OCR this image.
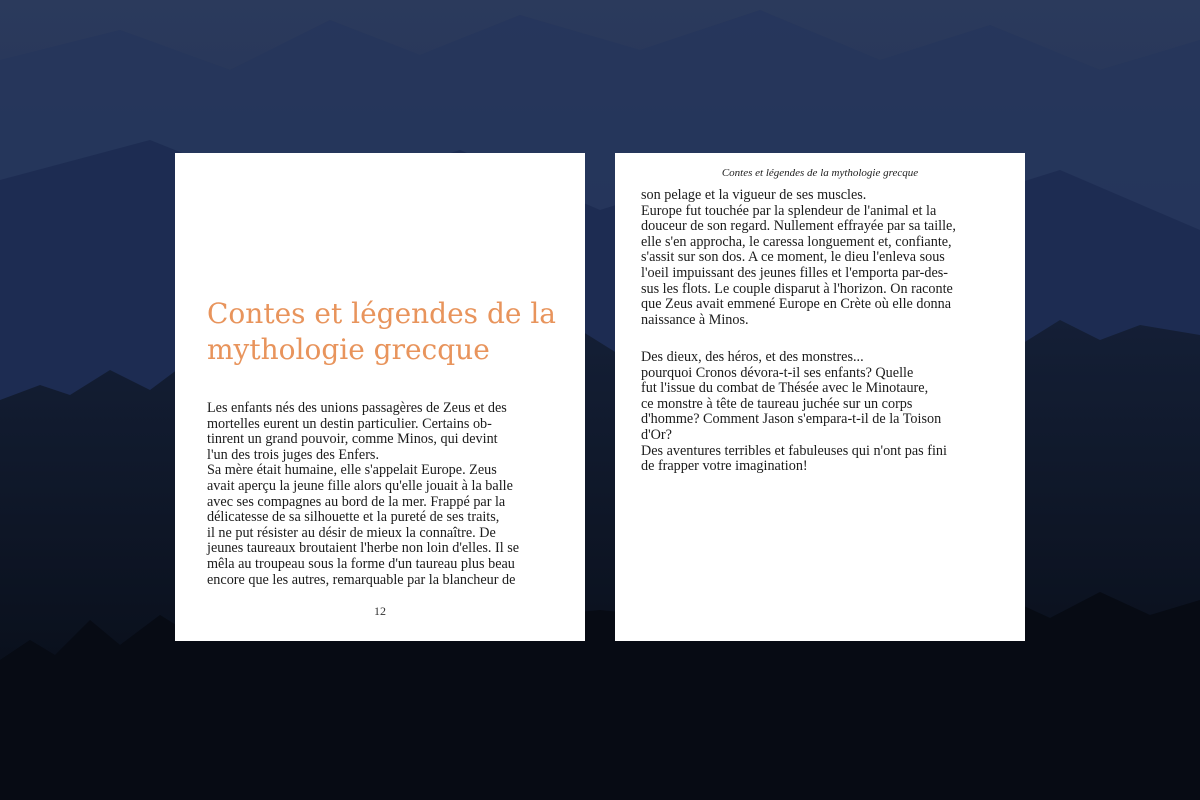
Contes et légendes de la mythologie grecque

Les enfants nés des unions passagères de Zeus et des
mortelles eurent un destin particulier. Certains ob-
tinrent un grand pouvoir, comme Minos, qui devint
l'un des trois juges des Enfers.
Sa mère était humaine, elle s'appelait Europe. Zeus
avait aperçu la jeune fille alors qu'elle jouait à la balle
avec ses compagnes au bord de la mer. Frappé par la
délicatesse de sa silhouette et la pureté de ses traits,
il ne put résister au désir de mieux la connaître. De
jeunes taureaux broutaient l'herbe non loin d'elles. Il se
mêla au troupeau sous la forme d'un taureau plus beau
encore que les autres, remarquable par la blancheur de

12
Contes et légendes de la mythologie grecque

son pelage et la vigueur de ses muscles.
Europe fut touchée par la splendeur de l'animal et la
douceur de son regard. Nullement effrayée par sa taille,
elle s'en approcha, le caressa longuement et, confiante,
s'assit sur son dos. A ce moment, le dieu l'enleva sous
l'oeil impuissant des jeunes filles et l'emporta par-des-
sus les flots. Le couple disparut à l'horizon. On raconte
que Zeus avait emmené Europe en Crète où elle donna
naissance à Minos.

Des dieux, des héros, et des monstres...
pourquoi Cronos dévora-t-il ses enfants? Quelle
fut l'issue du combat de Thésée avec le Minotaure,
ce monstre à tête de taureau juchée sur un corps
d'homme? Comment Jason s'empara-t-il de la Toison
d'Or?
Des aventures terribles et fabuleuses qui n'ont pas fini
de frapper votre imagination!
